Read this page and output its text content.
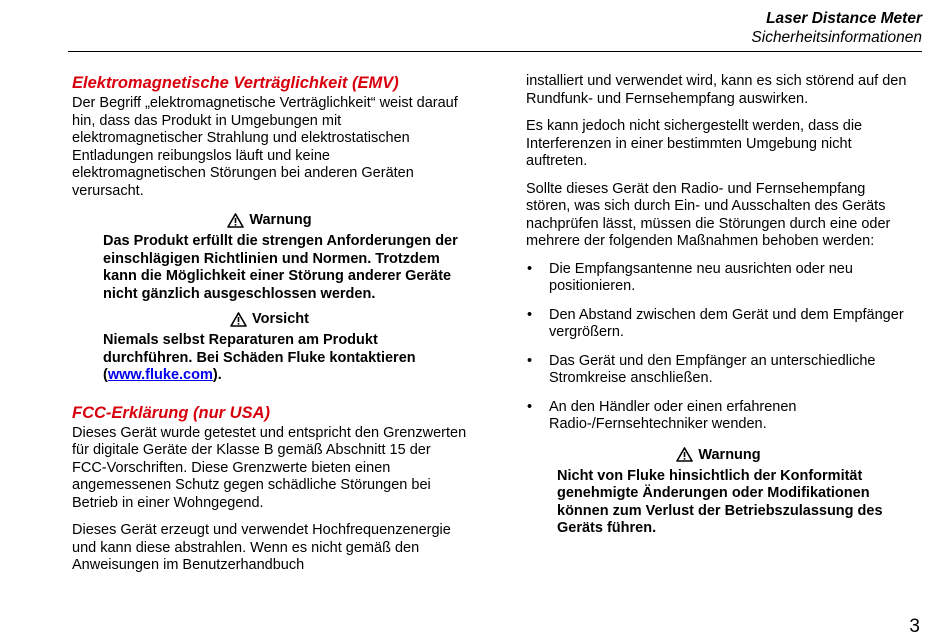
Laser Distance Meter
Sicherheitsinformationen
Elektromagnetische Verträglichkeit (EMV)

Der Begriff „elektromagnetische Verträglichkeit“ weist darauf hin, dass das Produkt in Umgebungen mit elektromagnetischer Strahlung und elektrostatischen Entladungen reibungslos läuft und keine elektromagnetischen Störungen bei anderen Geräten verursacht.

Warnung

Das Produkt erfüllt die strengen Anforderungen der einschlägigen Richtlinien und Normen. Trotzdem kann die Möglichkeit einer Störung anderer Geräte nicht gänzlich ausgeschlossen werden.

Vorsicht

Niemals selbst Reparaturen am Produkt durchführen. Bei Schäden Fluke kontaktieren (www.fluke.com).

FCC-Erklärung (nur USA)

Dieses Gerät wurde getestet und entspricht den Grenzwerten für digitale Geräte der Klasse B gemäß Abschnitt 15 der FCC-Vorschriften. Diese Grenzwerte bieten einen angemessenen Schutz gegen schädliche Störungen bei Betrieb in einer Wohngegend.

Dieses Gerät erzeugt und verwendet Hochfrequenzenergie und kann diese abstrahlen. Wenn es nicht gemäß den Anweisungen im Benutzerhandbuch

installiert und verwendet wird, kann es sich störend auf den Rundfunk- und Fernsehempfang auswirken.

Es kann jedoch nicht sichergestellt werden, dass die Interferenzen in einer bestimmten Umgebung nicht auftreten.

Sollte dieses Gerät den Radio- und Fernsehempfang stören, was sich durch Ein- und Ausschalten des Geräts nachprüfen lässt, müssen die Störungen durch eine oder mehrere der folgenden Maßnahmen behoben werden:

• Die Empfangsantenne neu ausrichten oder neu positionieren.
• Den Abstand zwischen dem Gerät und dem Empfänger vergrößern.
• Das Gerät und den Empfänger an unterschiedliche Stromkreise anschließen.
• An den Händler oder einen erfahrenen Radio-/Fernsehtechniker wenden.
Warnung

Nicht von Fluke hinsichtlich der Konformität genehmigte Änderungen oder Modifikationen können zum Verlust der Betriebszulassung des Geräts führen.

3
